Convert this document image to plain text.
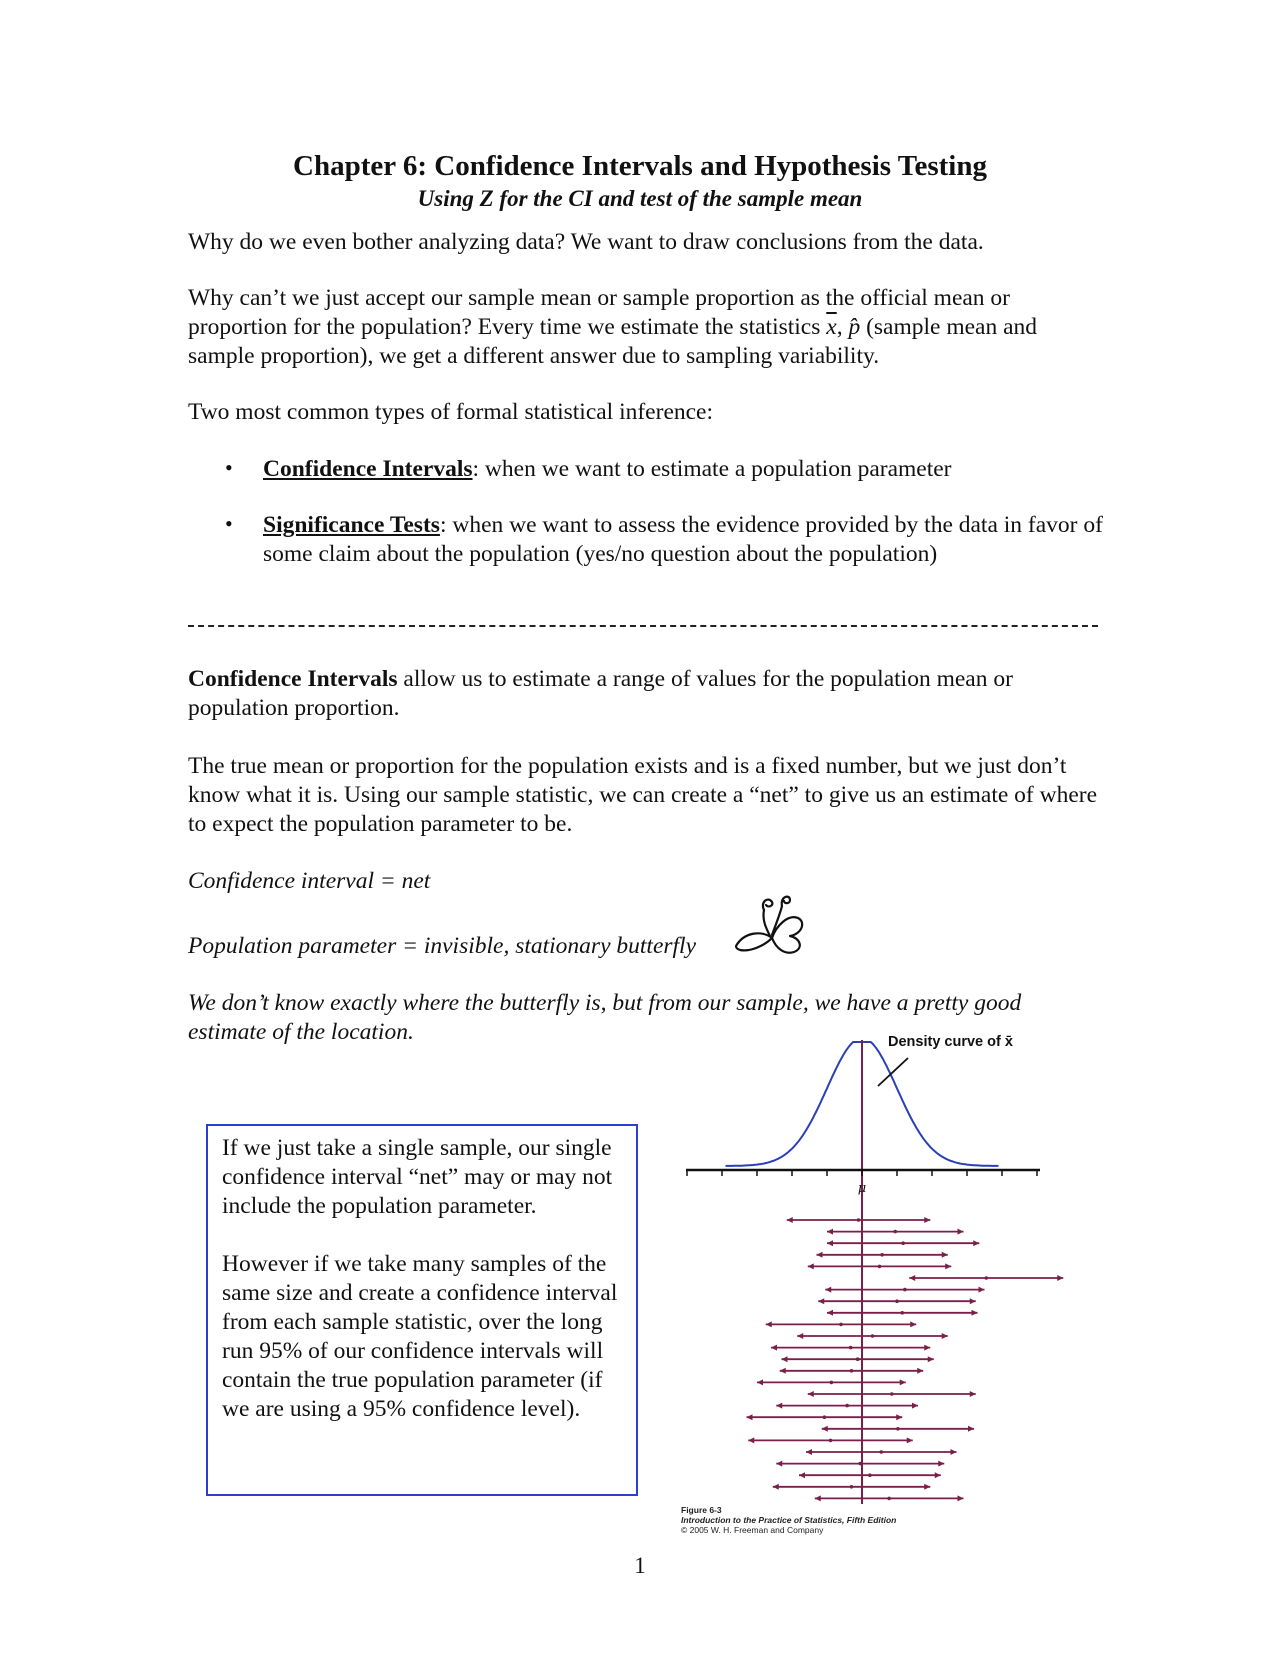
Chapter 6: Confidence Intervals and Hypothesis Testing
Using Z for the CI and test of the sample mean
Why do we even bother analyzing data? We want to draw conclusions from the data.
Why can’t we just accept our sample mean or sample proportion as the official mean or proportion for the population? Every time we estimate the statistics $\overline{x}$, p̂ (sample mean and sample proportion), we get a different answer due to sampling variability.
Two most common types of formal statistical inference:
• Confidence Intervals: when we want to estimate a population parameter
• Significance Tests: when we want to assess the evidence provided by the data in favor of some claim about the population (yes/no question about the population)
Confidence Intervals allow us to estimate a range of values for the population mean or population proportion.
The true mean or proportion for the population exists and is a fixed number, but we just don’t know what it is. Using our sample statistic, we can create a “net” to give us an estimate of where to expect the population parameter to be.
Confidence interval = net
Population parameter = invisible, stationary butterfly
We don’t know exactly where the butterfly is, but from our sample, we have a pretty good estimate of the location.

If we just take a single sample, our single confidence interval “net” may or may not include the population parameter.

However if we take many samples of the same size and create a confidence interval from each sample statistic, over the long run 95% of our confidence intervals will contain the true population parameter (if we are using a 95% confidence level).

μ
Density curve of x̄
Figure 6-3
Introduction to the Practice of Statistics, Fifth Edition
© 2005 W. H. Freeman and Company
1
